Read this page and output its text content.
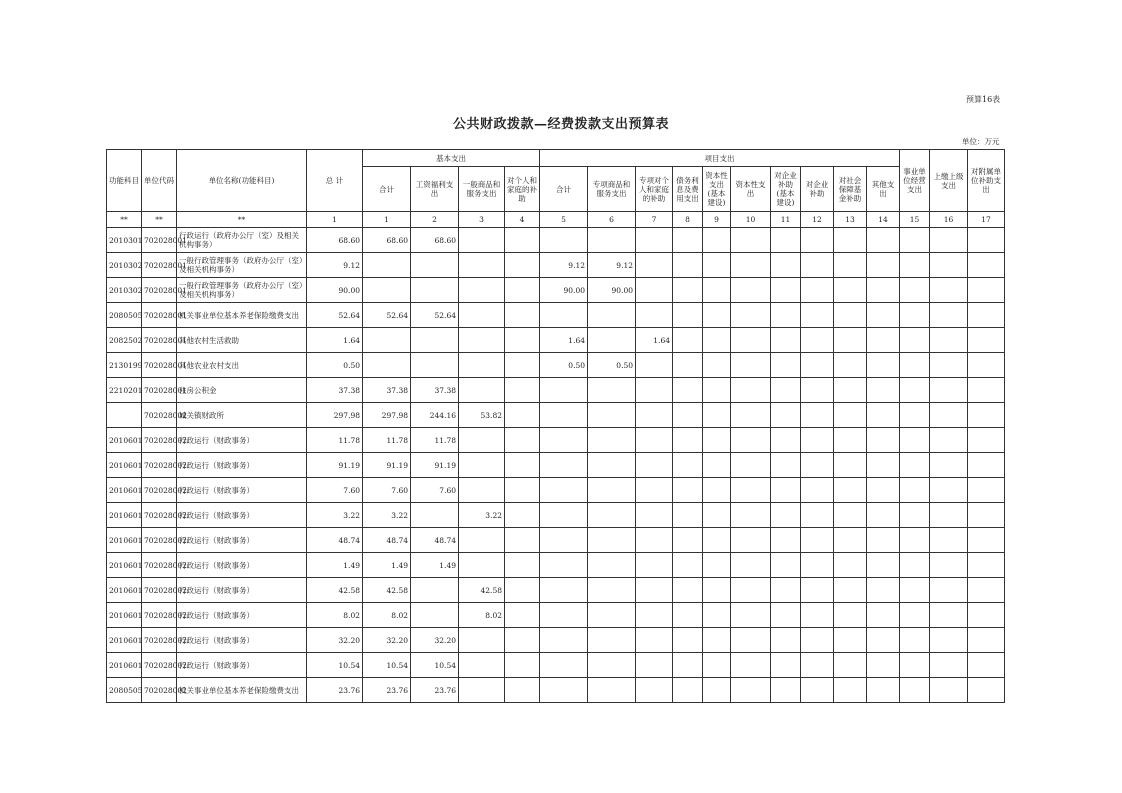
预算16表
公共财政拨款—经费拨款支出预算表
单位：万元
功能科目	单位代码	单位名称(功能科目)	总 计	基本支出				项目支出										事业单位经营支出	上缴上级支出	对附属单位补助支出
				合计	工资福利支出	一般商品和服务支出	对个人和家庭的补助	合计	专项商品和服务支出	专项对个人和家庭的补助	债务利息及费用支出	资本性支出(基本建设)	资本性支出	对企业补助(基本建设)	对企业补助	对社会保障基金补助	其他支出			
**	**	**	1	1	2	3	4	5	6	7	8	9	10	11	12	13	14	15	16	17
2010301	702028001	行政运行（政府办公厅（室）及相关机构事务）	68.60	68.60	68.60															
2010302	702028001	一般行政管理事务（政府办公厅（室）及相关机构事务）	9.12					9.12	9.12											
2010302	702028001	一般行政管理事务（政府办公厅（室）及相关机构事务）	90.00					90.00	90.00											
2080505	702028001	机关事业单位基本养老保险缴费支出	52.64	52.64	52.64															
2082502	702028001	其他农村生活救助	1.64					1.64		1.64										
2130199	702028001	其他农业农村支出	0.50					0.50	0.50											
2210201	702028001	住房公积金	37.38	37.38	37.38															
	702028002	城关镇财政所	297.98	297.98	244.16	53.82														
2010601	702028002	行政运行（财政事务）	11.78	11.78	11.78															
2010601	702028002	行政运行（财政事务）	91.19	91.19	91.19															
2010601	702028002	行政运行（财政事务）	7.60	7.60	7.60															
2010601	702028002	行政运行（财政事务）	3.22	3.22		3.22														
2010601	702028002	行政运行（财政事务）	48.74	48.74	48.74															
2010601	702028002	行政运行（财政事务）	1.49	1.49	1.49															
2010601	702028002	行政运行（财政事务）	42.58	42.58		42.58														
2010601	702028002	行政运行（财政事务）	8.02	8.02		8.02														
2010601	702028002	行政运行（财政事务）	32.20	32.20	32.20															
2010601	702028002	行政运行（财政事务）	10.54	10.54	10.54															
2080505	702028002	机关事业单位基本养老保险缴费支出	23.76	23.76	23.76															
